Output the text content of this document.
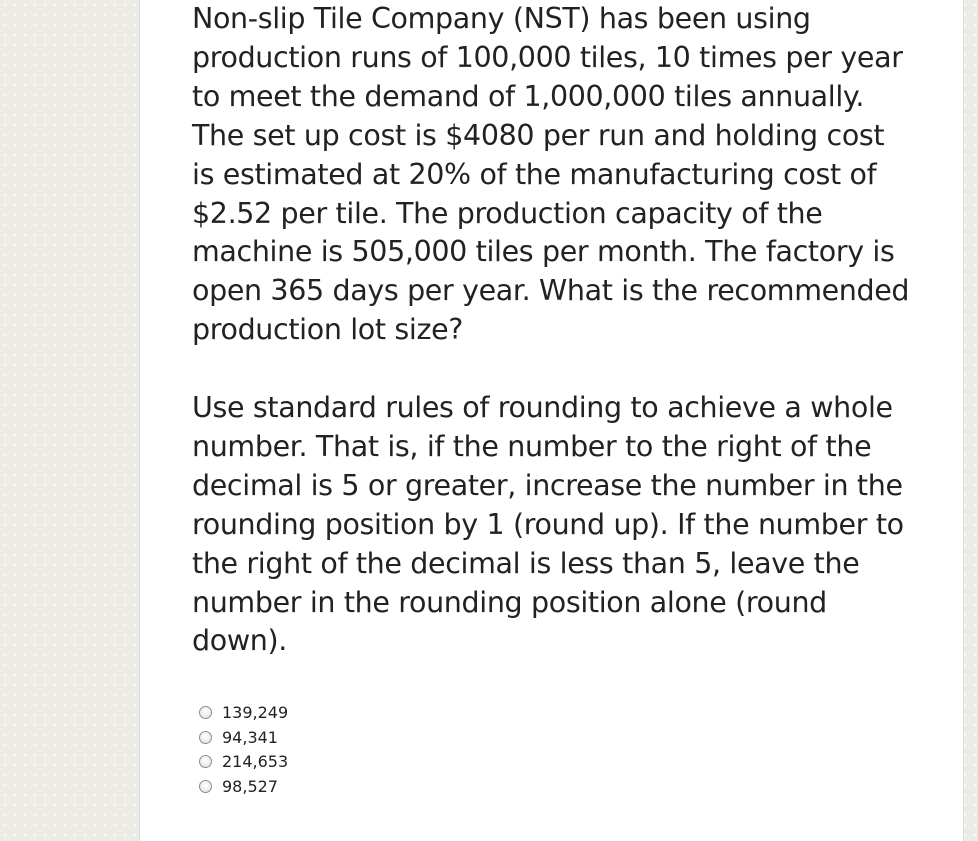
Non-slip Tile Company (NST) has been using production runs of 100,000 tiles, 10 times per year to meet the demand of 1,000,000 tiles annually. The set up cost is $4080 per run and holding cost is estimated at 20% of the manufacturing cost of $2.52 per tile. The production capacity of the machine is 505,000 tiles per month. The factory is open 365 days per year. What is the recommended production lot size?

Use standard rules of rounding to achieve a whole number. That is, if the number to the right of the decimal is 5 or greater, increase the number in the rounding position by 1 (round up). If the number to the right of the decimal is less than 5, leave the number in the rounding position alone (round down).

139,249
94,341
214,653
98,527
